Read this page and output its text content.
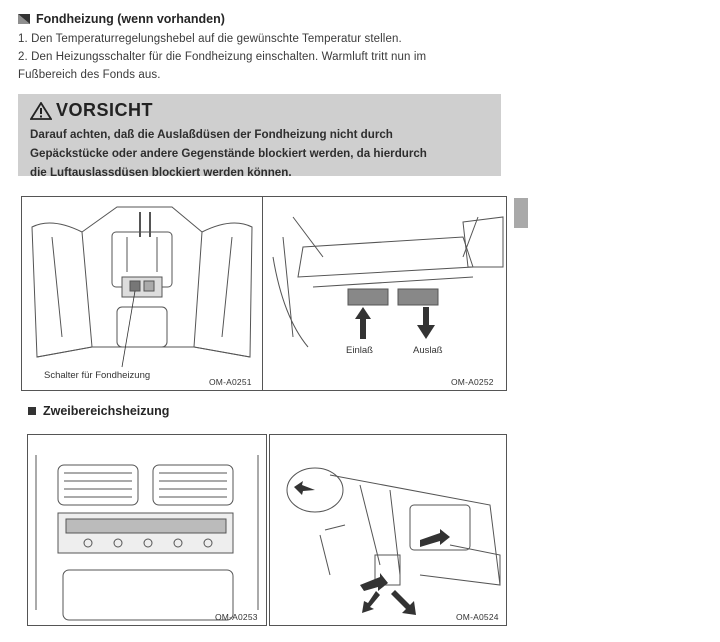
Fondheizung (wenn vorhanden)
1. Den Temperaturregelungshebel auf die gewünschte Temperatur stellen.
2. Den Heizungsschalter für die Fondheizung einschalten. Warmluft tritt nun im
Fußbereich des Fonds aus.
VORSICHT
Darauf achten, daß die Auslaßdüsen der Fondheizung nicht durch
Gepäckstücke oder andere Gegenstände blockiert werden, da hierdurch
die Luftauslassdüsen blockiert werden können.
Schalter für Fondheizung
OM-A0251
Einlaß	Auslaß
OM-A0252
Zweibereichsheizung
OM-A0253	OM-A0524
